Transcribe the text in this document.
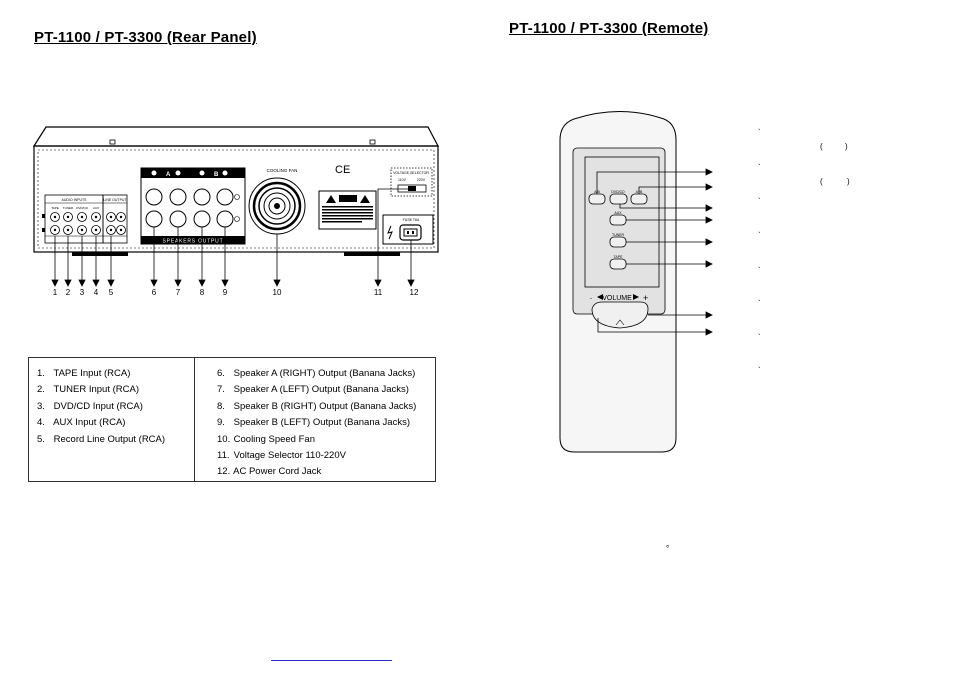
PT-1100 / PT-3300 (Rear Panel)
PT-1100 / PT-3300 (Remote)
AUDIO INPUTS	LINE OUTPUT
TAPE TUNER DVD/CD AUX
SPEAKERS OUTPUT
A	B
COOLING FAN	CE	VOLTAGE SELECTOR
110V	220V
FUSE T6A
1 2 3 4 5	6 7 8 9	10	11	12
A/B	DVD/CD	A+B
AUX
TUNER
TAPE
- VOLUME +
`
`
`
`
`
`
`
`
(	)
(	)
°
1. TAPE Input (RCA)
2. TUNER Input (RCA)
3. DVD/CD Input (RCA)
4. AUX Input (RCA)
5. Record Line Output (RCA)
6. Speaker A (RIGHT) Output (Banana Jacks)
7. Speaker A (LEFT) Output (Banana Jacks)
8. Speaker B (RIGHT) Output (Banana Jacks)
9. Speaker B (LEFT) Output (Banana Jacks)
10. Cooling Speed Fan
11. Voltage Selector 110-220V
12. AC Power Cord Jack
